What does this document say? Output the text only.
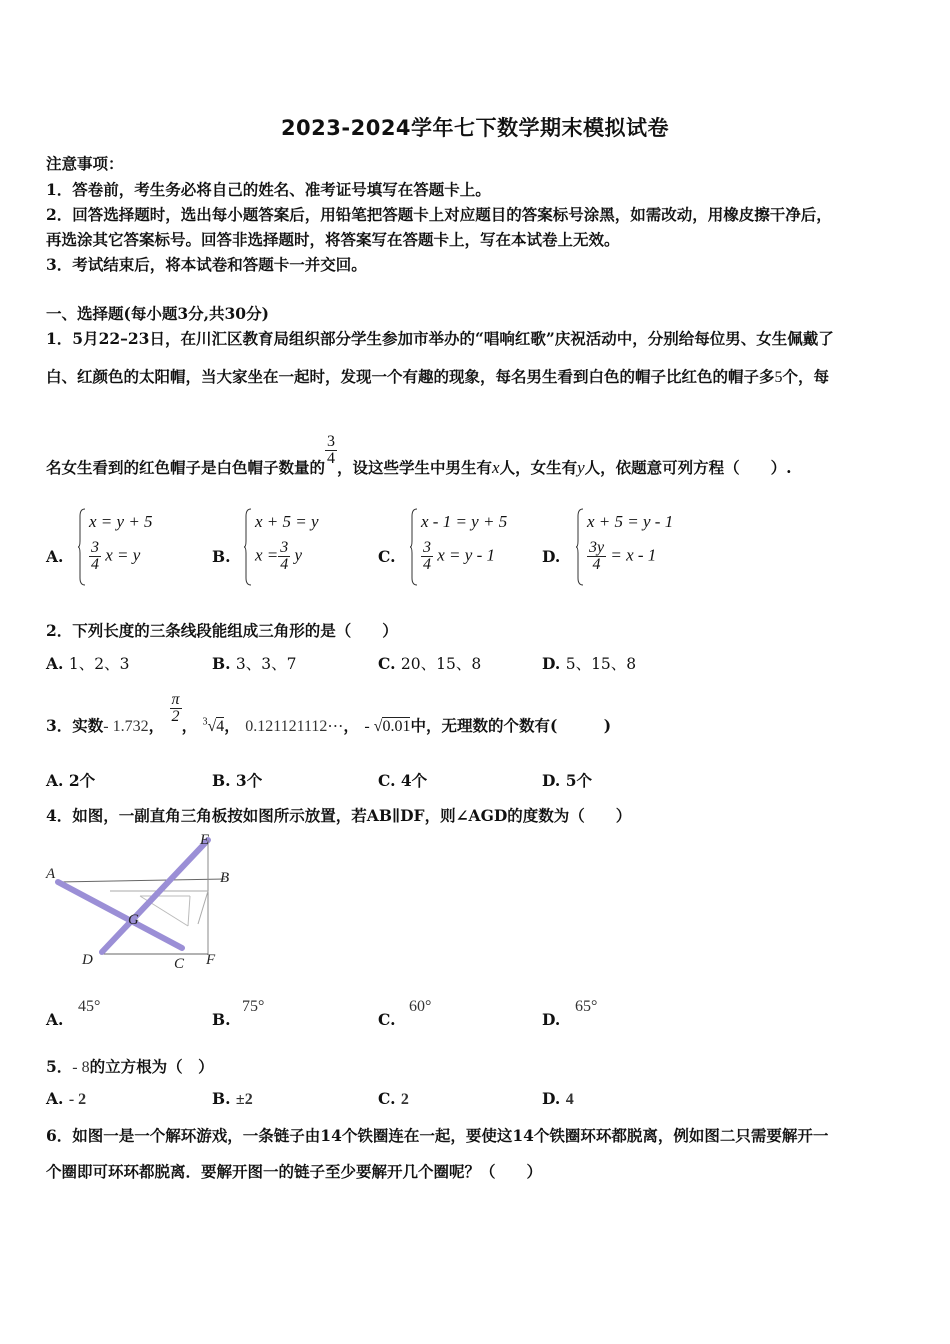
2023-2024学年七下数学期末模拟试卷
注意事项：
1．答卷前，考生务必将自己的姓名、准考证号填写在答题卡上。
2．回答选择题时，选出每小题答案后，用铅笔把答题卡上对应题目的答案标号涂黑，如需改动，用橡皮擦干净后，
再选涂其它答案标号。回答非选择题时，将答案写在答题卡上，写在本试卷上无效。
3．考试结束后，将本试卷和答题卡一并交回。
一、选择题(每小题3分,共30分)
1．5月22–23日，在川汇区教育局组织部分学生参加市举办的“唱响红歌”庆祝活动中，分别给每位男、女生佩戴了
白、红颜色的太阳帽，当大家坐在一起时，发现一个有趣的现象，每名男生看到白色的帽子比红色的帽子多5个，每
名女生看到的红色帽子是白色帽子数量的 $\frac{3}{4}$ ，设这些学生中男生有x人，女生有y人，依题意可列方程（　　）.
A.
x = y + 5
$\frac{3}{4}$ x = y	B.
x + 5 = y
$x = \frac{3}{4}$ y	C.
x - 1 = y + 5
$\frac{3}{4}$ x = y - 1	D.
x + 5 = y - 1
$\frac{3y}{4} = x - 1$
2．下列长度的三条线段能组成三角形的是（　　）
A. 1、2、3	B. 3、3、7	C. 20、15、8	D. 5、15、8
3．实数- 1.732， $\frac{\pi}{2}$ ， $^3$√4， 0.121121112⋯， - √0.01中，无理数的个数有(　　　)
A. 2个	B. 3个	C. 4个	D. 5个
4．如图，一副直角三角板按如图所示放置，若AB∥DF，则∠AGD的度数为（　　）
A	B
E
G
D	C F
A.
45°
B.
75°
C.
60°
D.
65°
5．- 8的立方根为（　）
A. - 2	B. ±2	C. 2	D. 4
6．如图一是一个解环游戏，一条链子由14个铁圈连在一起，要使这14个铁圈环环都脱离，例如图二只需要解开一
个圈即可环环都脱离．要解开图一的链子至少要解开几个圈呢？（　　）
